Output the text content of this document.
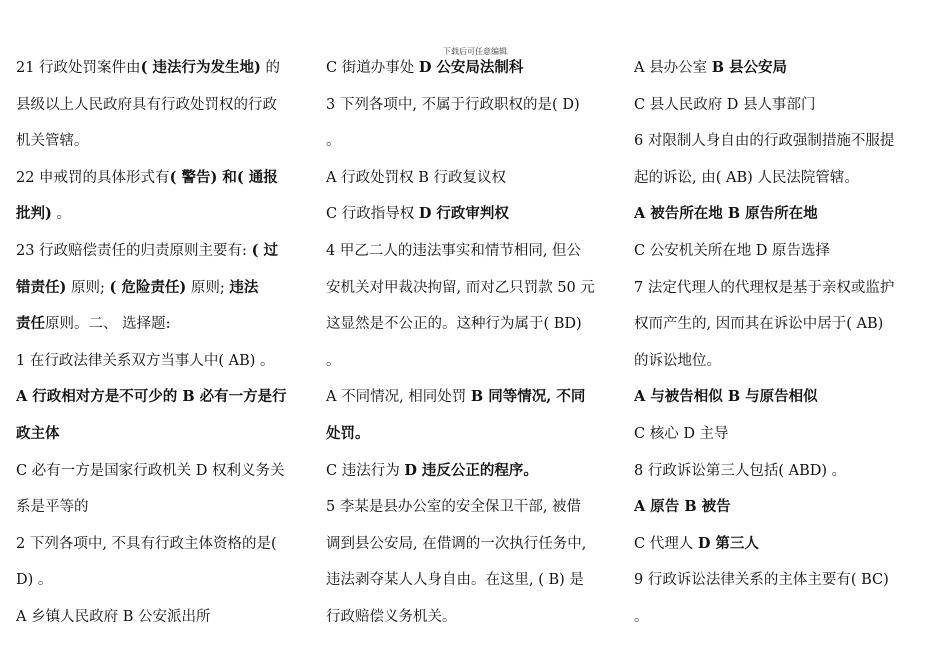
下载后可任意编辑
21 行政处罚案件由( 违法行为发生地) 的
县级以上人民政府具有行政处罚权的行政
机关管辖。
22 申戒罚的具体形式有( 警告) 和( 通报
批判) 。
23 行政赔偿责任的归责原则主要有: ( 过
错责任) 原则; ( 危险责任) 原则; 违法
责任原则。二、 选择题:
1 在行政法律关系双方当事人中( AB) 。
A 行政相对方是不可少的 B 必有一方是行
政主体
C 必有一方是国家行政机关 D 权利义务关
系是平等的
2 下列各项中, 不具有行政主体资格的是(
D) 。
A 乡镇人民政府 B 公安派出所
C 街道办事处 D 公安局法制科
3 下列各项中, 不属于行政职权的是( D)
。
A 行政处罚权 B 行政复议权
C 行政指导权 D 行政审判权
4 甲乙二人的违法事实和情节相同, 但公
安机关对甲裁决拘留, 而对乙只罚款 50 元
这显然是不公正的。这种行为属于( BD)
。
A 不同情况, 相同处罚 B 同等情况, 不同
处罚。
C 违法行为 D 违反公正的程序。
5 李某是县办公室的安全保卫干部, 被借
调到县公安局, 在借调的一次执行任务中,
违法剥夺某人人身自由。在这里, ( B) 是
行政赔偿义务机关。
A 县办公室 B 县公安局
C 县人民政府 D 县人事部门
6 对限制人身自由的行政强制措施不服提
起的诉讼, 由( AB) 人民法院管辖。
A 被告所在地 B 原告所在地
C 公安机关所在地 D 原告选择
7 法定代理人的代理权是基于亲权或监护
权而产生的, 因而其在诉讼中居于( AB)
的诉讼地位。
A 与被告相似 B 与原告相似
C 核心 D 主导
8 行政诉讼第三人包括( ABD) 。
A 原告 B 被告
C 代理人 D 第三人
9 行政诉讼法律关系的主体主要有( BC)
。
